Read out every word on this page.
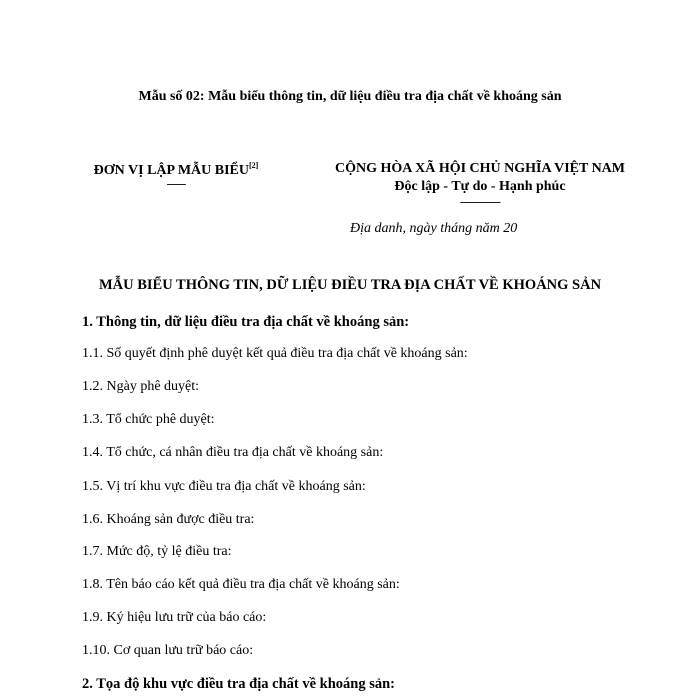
Mẫu số 02: Mẫu biểu thông tin, dữ liệu điều tra địa chất về khoáng sản
ĐƠN VỊ LẬP MẪU BIỂU[2]
-------
CỘNG HÒA XÃ HỘI CHỦ NGHĨA VIỆT NAM
Độc lập - Tự do - Hạnh phúc
---------------
Địa danh, ngày tháng năm 20
MẪU BIỂU THÔNG TIN, DỮ LIỆU ĐIỀU TRA ĐỊA CHẤT VỀ KHOÁNG SẢN
1. Thông tin, dữ liệu điều tra địa chất về khoáng sản:
1.1. Số quyết định phê duyệt kết quả điều tra địa chất về khoáng sản:
1.2. Ngày phê duyệt:
1.3. Tổ chức phê duyệt:
1.4. Tổ chức, cá nhân điều tra địa chất về khoáng sản:
1.5. Vị trí khu vực điều tra địa chất về khoáng sản:
1.6. Khoáng sản được điều tra:
1.7. Mức độ, tỷ lệ điều tra:
1.8. Tên báo cáo kết quả điều tra địa chất về khoáng sản:
1.9. Ký hiệu lưu trữ của báo cáo:
1.10. Cơ quan lưu trữ báo cáo:
2. Tọa độ khu vực điều tra địa chất về khoáng sản:
